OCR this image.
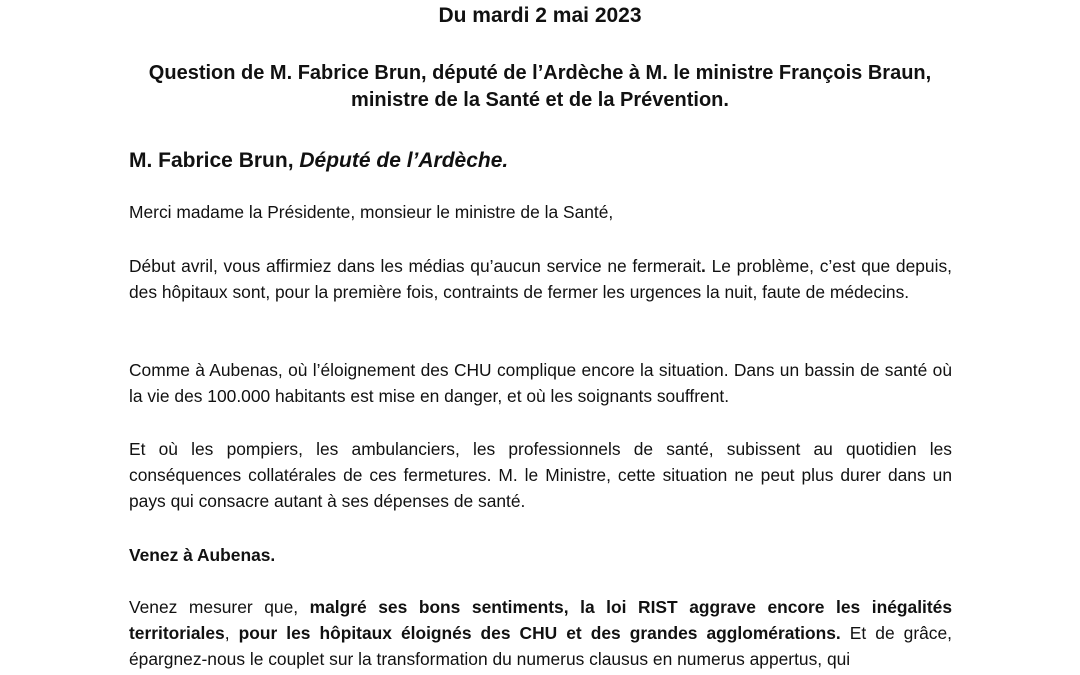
Du mardi 2 mai 2023
Question de M. Fabrice Brun, député de l’Ardèche à M. le ministre François Braun, ministre de la Santé et de la Prévention.
M. Fabrice Brun, Député de l’Ardèche.

Merci madame la Présidente, monsieur le ministre de la Santé,

Début avril, vous affirmiez dans les médias qu’aucun service ne fermerait. Le problème, c’est que depuis, des hôpitaux sont, pour la première fois, contraints de fermer les urgences la nuit, faute de médecins.

Comme à Aubenas, où l’éloignement des CHU complique encore la situation. Dans un bassin de santé où la vie des 100.000 habitants est mise en danger, et où les soignants souffrent.

Et où les pompiers, les ambulanciers, les professionnels de santé, subissent au quotidien les conséquences collatérales de ces fermetures. M. le Ministre, cette situation ne peut plus durer dans un pays qui consacre autant à ses dépenses de santé.

Venez à Aubenas.

Venez mesurer que, malgré ses bons sentiments, la loi RIST aggrave encore les inégalités territoriales, pour les hôpitaux éloignés des CHU et des grandes agglomérations. Et de grâce, épargnez-nous le couplet sur la transformation du numerus clausus en numerus appertus, qui
